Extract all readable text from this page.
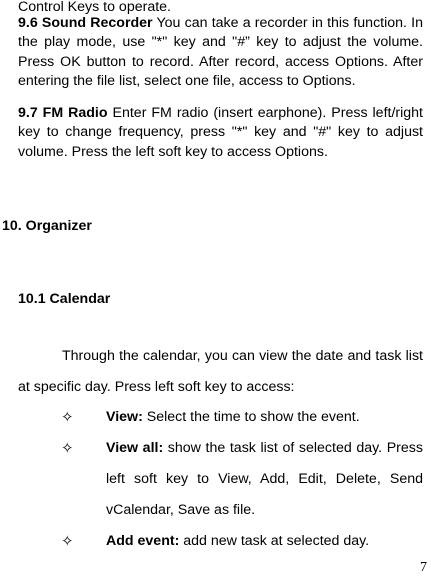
Control Keys to operate.
9.6 Sound Recorder You can take a recorder in this function. In the play mode, use "*" key and "#” key to adjust the volume. Press OK button to record. After record, access Options. After entering the file list, select one file, access to Options.
9.7 FM Radio Enter FM radio (insert earphone). Press left/right key to change frequency, press "*" key and "#" key to adjust volume. Press the left soft key to access Options.
10. Organizer
10.1 Calendar
Through the calendar, you can view the date and task list at specific day. Press left soft key to access:
✧ View: Select the time to show the event.
✧ View all: show the task list of selected day. Press left soft key to View, Add, Edit, Delete, Send vCalendar, Save as file.
✧ Add event: add new task at selected day.
7
